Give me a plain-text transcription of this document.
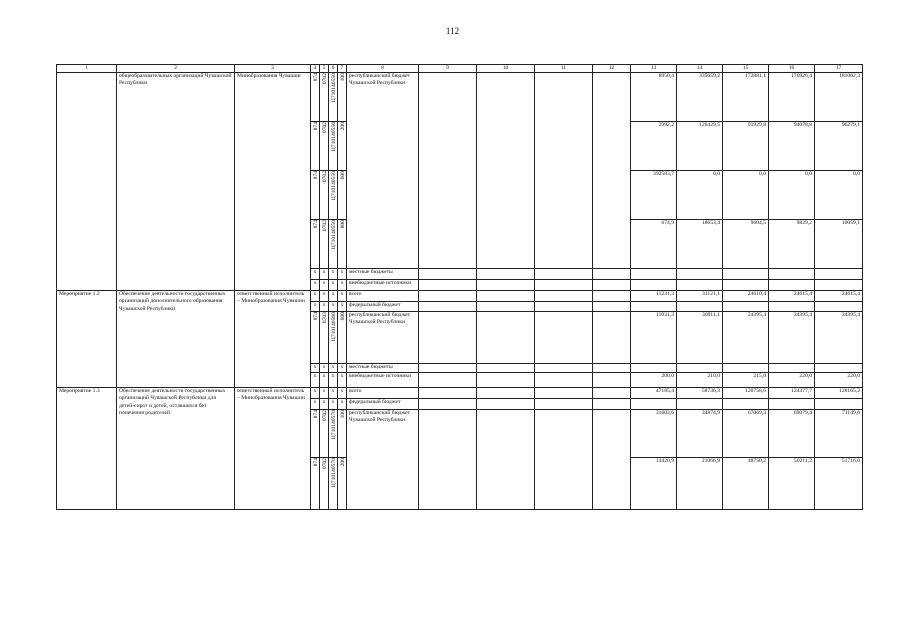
112
1	2	3	4	5	6	7	8	9	10	11	12	13	14	15	16	17
	общеобразовательных организаций Чувашской Республики	Минобразования Чувашии	874	0702	Ц710140550	100	республиканский бюджет Чувашской Республики					8950,4	335659,2	172881,1	176926,4	181062,3

			874	0702	Ц710140550	200						2992,2	126429,5	91929,8	94078,8	96279,1

			874	0702	Ц710140550	600						392583,7	0,0	0,0	0,0	0,0

			874	0702	Ц710140550	800						674,9	18653,4	9604,5	9829,2	10059,1
			x	x	x	x	местные бюджеты									
			x	x	x	x	внебюджетные источники									
Мероприятие 1.2	Обеспечение деятельности государственных организаций дополнительного образования Чувашской Республики	ответственный исполнитель – Минобразования Чувашии	x	x	x	x	всего					11231,3	31121,1	24610,4	24615,4	24615,4
			x	x	x	x	федеральный бюджет									

			874	0703	Ц710140560	600	республиканский бюджет Чувашской Республики					11031,3	30911,1	24395,4	24395,4	24395,4
			x	x	x	x	местные бюджеты									
			x	x	x	x	внебюджетные источники					200,0	210,0	215,0	220,0	220,0
Мероприятие 1.3	Обеспечение деятельности государственных организаций Чувашской Республики для детей-сирот и детей, оставшихся без попечения родителей	ответственный исполнитель – Минобразования Чувашии	x	x	x	x	всего					47185,4	58736,3	120758,6	124377,7	128165,2
			x	x	x	x	федеральный бюджет									

			874	0702	Ц710140570	100	республиканский бюджет Чувашской Республики					31603,6	34874,9	67069,3	69079,4	71149,6

			874	0702	Ц710140570	200						14420,9	21066,9	48750,2	50211,2	51716,0
